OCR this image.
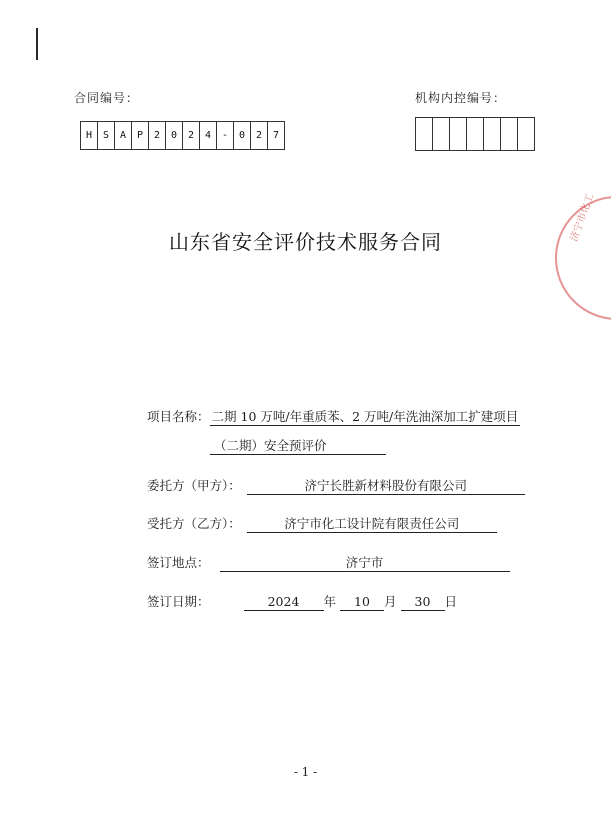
合同编号：	机构内控编号：
H	S	A	P	2	0	2	4	-	0	2	7
山东省安全评价技术服务合同	济宁市化工
项目名称： 二期 10 万吨/年重质苯、2 万吨/年洗油深加工扩建项目
（二期）安全预评价
委托方（甲方）：	济宁长胜新材料股份有限公司
受托方（乙方）：	济宁市化工设计院有限责任公司
签订地点：	济宁市
签订日期：	2024 年 10 月 30 日
- 1 -
